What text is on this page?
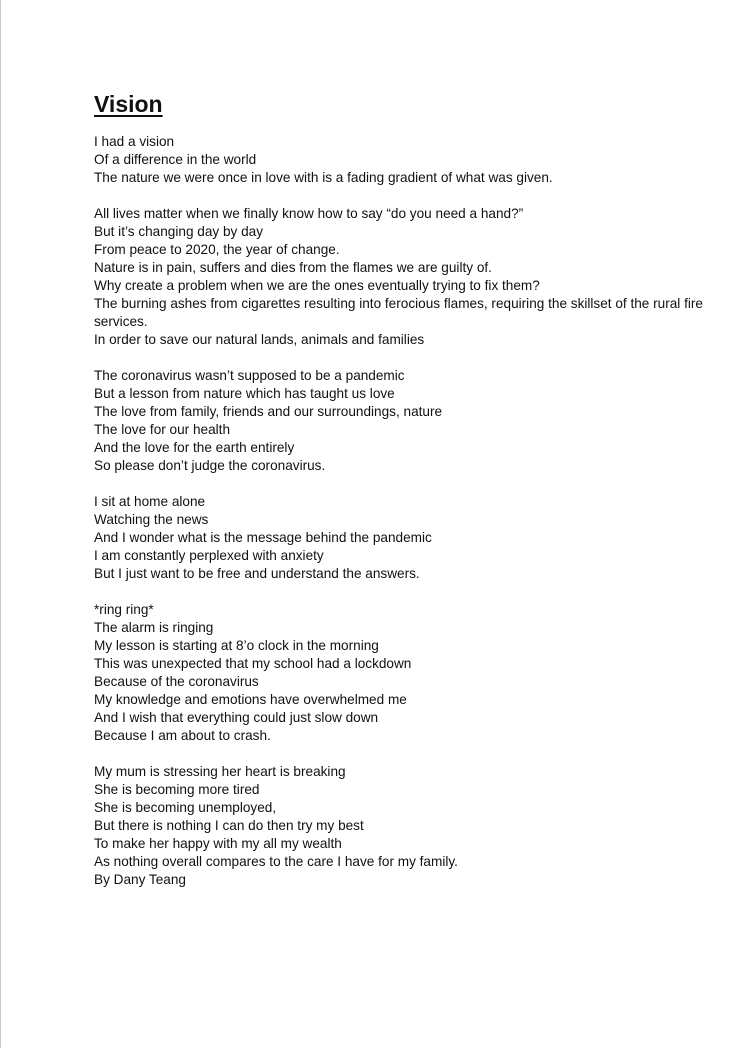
Vision
I had a vision
Of a difference in the world
The nature we were once in love with is a fading gradient of what was given.
All lives matter when we finally know how to say “do you need a hand?”
But it’s changing day by day
From peace to 2020, the year of change.
Nature is in pain, suffers and dies from the flames we are guilty of.
Why create a problem when we are the ones eventually trying to fix them?
The burning ashes from cigarettes resulting into ferocious flames, requiring the skillset of the rural fire services.
In order to save our natural lands, animals and families
The coronavirus wasn’t supposed to be a pandemic
But a lesson from nature which has taught us love
The love from family, friends and our surroundings, nature
The love for our health
And the love for the earth entirely
So please don’t judge the coronavirus.
I sit at home alone
Watching the news
And I wonder what is the message behind the pandemic
I am constantly perplexed with anxiety
But I just want to be free and understand the answers.
*ring ring*
The alarm is ringing
My lesson is starting at 8’o clock in the morning
This was unexpected that my school had a lockdown
Because of the coronavirus
My knowledge and emotions have overwhelmed me
And I wish that everything could just slow down
Because I am about to crash.
My mum is stressing her heart is breaking
She is becoming more tired
She is becoming unemployed,
But there is nothing I can do then try my best
To make her happy with my all my wealth
As nothing overall compares to the care I have for my family.
By Dany Teang
